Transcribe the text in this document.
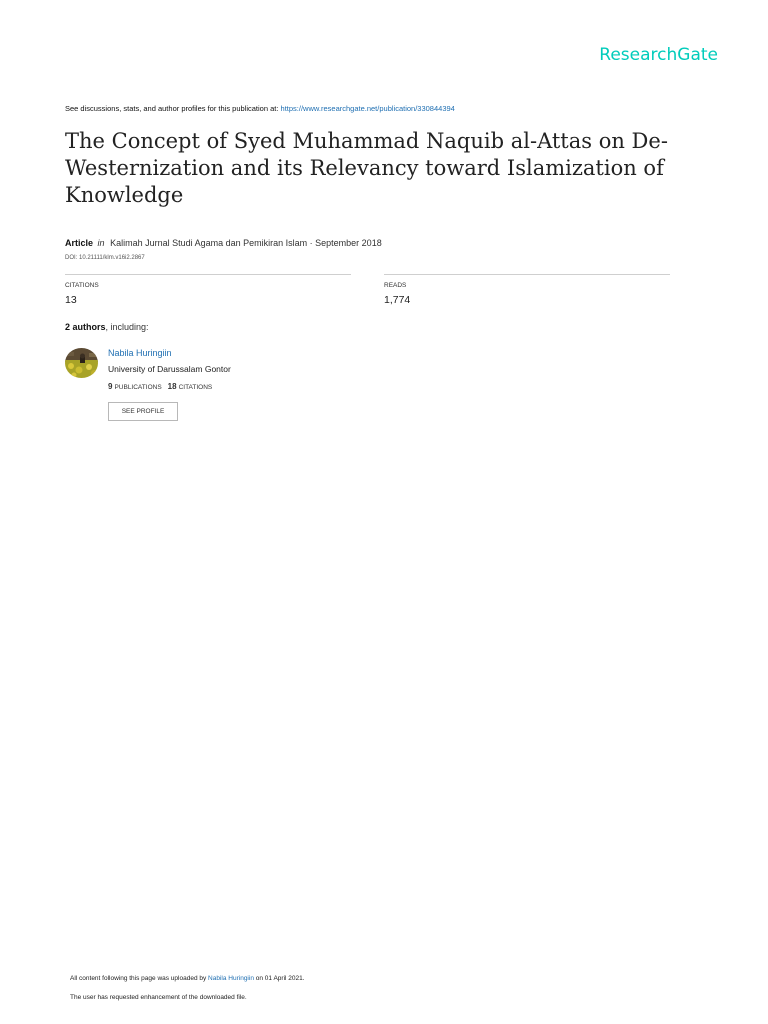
ResearchGate
See discussions, stats, and author profiles for this publication at: https://www.researchgate.net/publication/330844394
The Concept of Syed Muhammad Naquib al-Attas on De-Westernization and its Relevancy toward Islamization of Knowledge
Article in Kalimah Jurnal Studi Agama dan Pemikiran Islam · September 2018
DOI: 10.21111/klm.v16i2.2867
CITATIONS
13
READS
1,774
2 authors, including:
Nabila Huringiin
University of Darussalam Gontor
9 PUBLICATIONS 18 CITATIONS
SEE PROFILE
All content following this page was uploaded by Nabila Huringiin on 01 April 2021.
The user has requested enhancement of the downloaded file.
